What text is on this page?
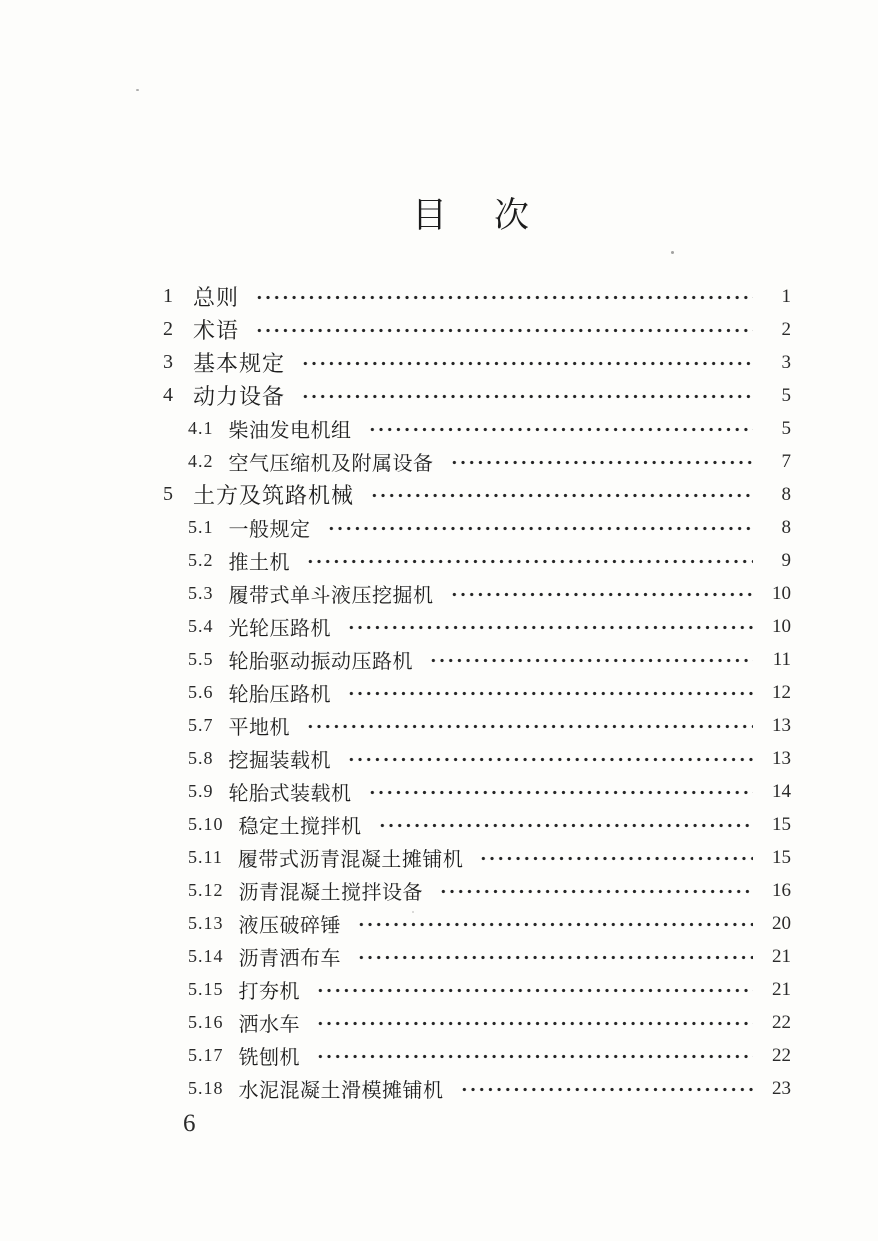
目　次
1 总则	1
2 术语	2
3 基本规定	3
4 动力设备	5
4.1 柴油发电机组	5
4.2 空气压缩机及附属设备	7
5 土方及筑路机械	8
5.1 一般规定	8
5.2 推土机	9
5.3 履带式单斗液压挖掘机	10
5.4 光轮压路机	10
5.5 轮胎驱动振动压路机	11
5.6 轮胎压路机	12
5.7 平地机	13
5.8 挖掘装载机	13
5.9 轮胎式装载机	14
5.10 稳定土搅拌机	15
5.11 履带式沥青混凝土摊铺机	15
5.12 沥青混凝土搅拌设备	16
5.13 液压破碎锤	20
5.14 沥青洒布车	21
5.15 打夯机	21
5.16 洒水车	22
5.17 铣刨机	22
5.18 水泥混凝土滑模摊铺机	23
6
